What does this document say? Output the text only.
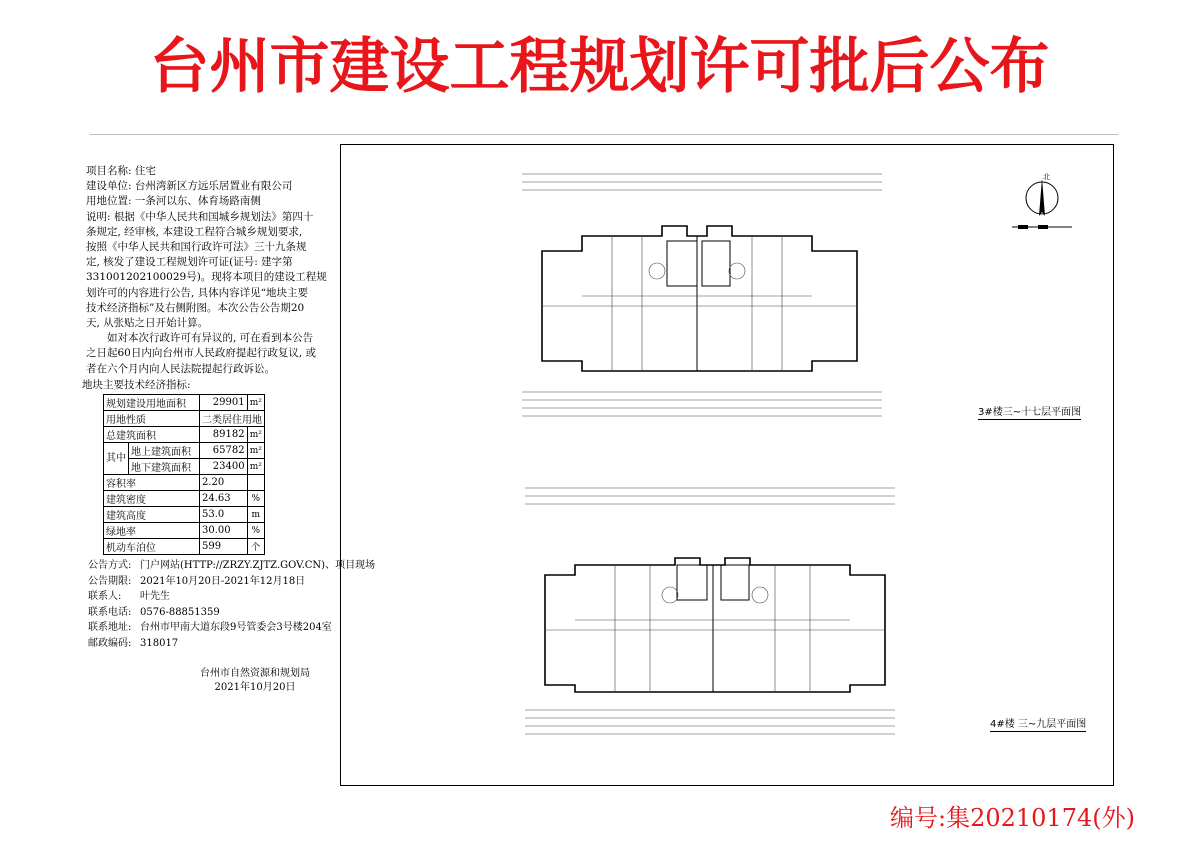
台州市建设工程规划许可批后公布

项目名称: 住宅

建设单位: 台州湾新区方远乐居置业有限公司

用地位置: 一条河以东、体育场路南侧

说明: 根据《中华人民共和国城乡规划法》第四十

条规定, 经审核, 本建设工程符合城乡规划要求,

按照《中华人民共和国行政许可法》三十九条规

定, 核发了建设工程规划许可证(证号: 建字第

331001202100029号)。现将本项目的建设工程规

划许可的内容进行公告, 具体内容详见“地块主要

技术经济指标”及右侧附图。本次公告公告期20

天, 从张贴之日开始计算。

如对本次行政许可有异议的, 可在看到本公告

之日起60日内向台州市人民政府提起行政复议, 或

者在六个月内向人民法院提起行政诉讼。

地块主要技术经济指标:

规划建设用地面积		29901	m²
用地性质		二类居住用地	
总建筑面积		89182	m²
其中	地上建筑面积	65782	m²
	地下建筑面积	23400	m²
容积率		2.20	
建筑密度		24.63	%
建筑高度		53.0	m
绿地率		30.00	%
机动车泊位		599	个
公告方式: 门户网站(HTTP://ZRZY.ZJTZ.GOV.CN)、项目现场
公告期限: 2021年10月20日-2021年12月18日
联系人: 叶先生
联系电话: 0576-88851359
联系地址: 台州市甲南大道东段9号管委会3号楼204室
邮政编码: 318017
台州市自然资源和规划局
2021年10月20日
北
3#楼三~十七层平面图
4#楼 三~九层平面图
编号:集20210174(外)
